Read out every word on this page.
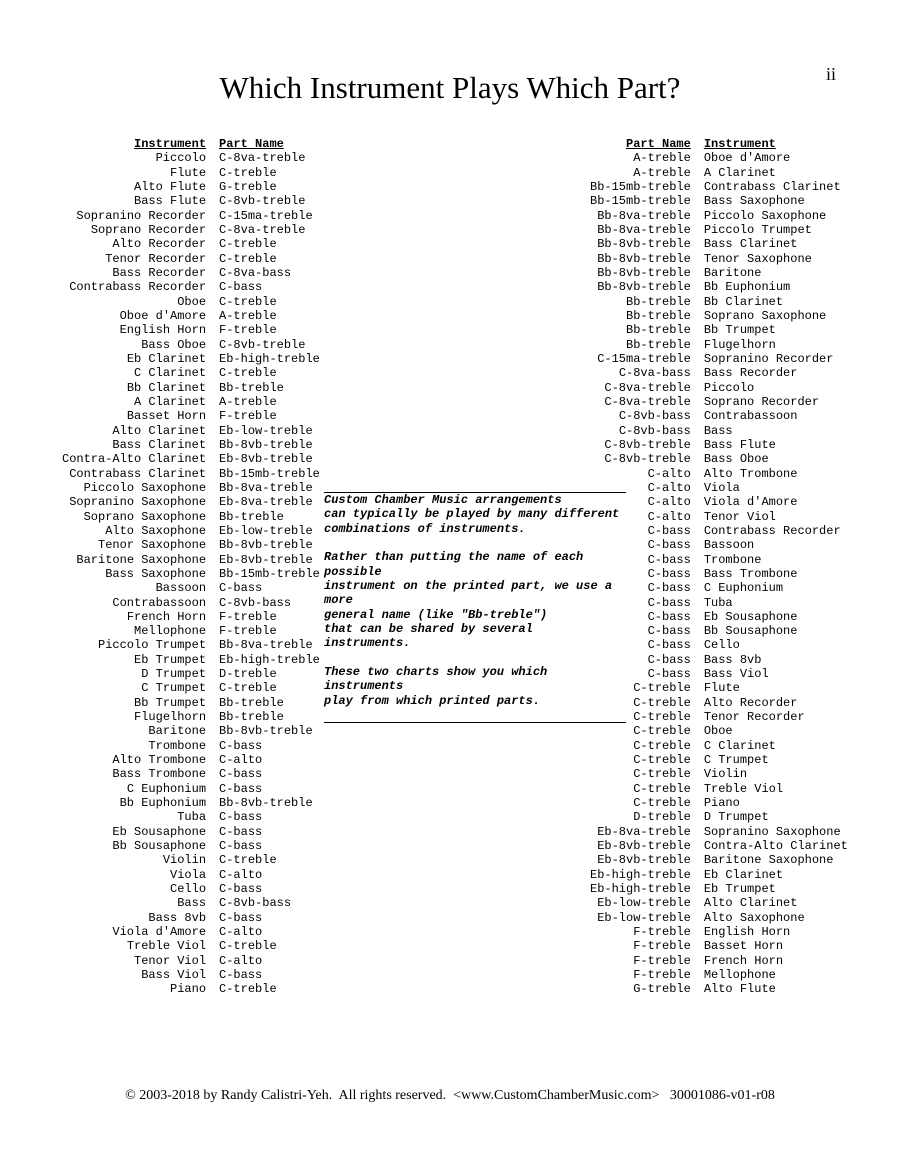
ii
Which Instrument Plays Which Part?
Instrument	Part Name
Piccolo	C-8va-treble
Flute	C-treble
Alto Flute	G-treble
Bass Flute	C-8vb-treble
Sopranino Recorder	C-15ma-treble
Soprano Recorder	C-8va-treble
Alto Recorder	C-treble
Tenor Recorder	C-treble
Bass Recorder	C-8va-bass
Contrabass Recorder	C-bass
Oboe	C-treble
Oboe d'Amore	A-treble
English Horn	F-treble
Bass Oboe	C-8vb-treble
Eb Clarinet	Eb-high-treble
C Clarinet	C-treble
Bb Clarinet	Bb-treble
A Clarinet	A-treble
Basset Horn	F-treble
Alto Clarinet	Eb-low-treble
Bass Clarinet	Bb-8vb-treble
Contra-Alto Clarinet	Eb-8vb-treble
Contrabass Clarinet	Bb-15mb-treble
Piccolo Saxophone	Bb-8va-treble
Sopranino Saxophone	Eb-8va-treble
Soprano Saxophone	Bb-treble
Alto Saxophone	Eb-low-treble
Tenor Saxophone	Bb-8vb-treble
Baritone Saxophone	Eb-8vb-treble
Bass Saxophone	Bb-15mb-treble
Bassoon	C-bass
Contrabassoon	C-8vb-bass
French Horn	F-treble
Mellophone	F-treble
Piccolo Trumpet	Bb-8va-treble
Eb Trumpet	Eb-high-treble
D Trumpet	D-treble
C Trumpet	C-treble
Bb Trumpet	Bb-treble
Flugelhorn	Bb-treble
Baritone	Bb-8vb-treble
Trombone	C-bass
Alto Trombone	C-alto
Bass Trombone	C-bass
C Euphonium	C-bass
Bb Euphonium	Bb-8vb-treble
Tuba	C-bass
Eb Sousaphone	C-bass
Bb Sousaphone	C-bass
Violin	C-treble
Viola	C-alto
Cello	C-bass
Bass	C-8vb-bass
Bass 8vb	C-bass
Viola d'Amore	C-alto
Treble Viol	C-treble
Tenor Viol	C-alto
Bass Viol	C-bass
Piano	C-treble
Part Name	Instrument
A-treble	Oboe d'Amore
A-treble	A Clarinet
Bb-15mb-treble	Contrabass Clarinet
Bb-15mb-treble	Bass Saxophone
Bb-8va-treble	Piccolo Saxophone
Bb-8va-treble	Piccolo Trumpet
Bb-8vb-treble	Bass Clarinet
Bb-8vb-treble	Tenor Saxophone
Bb-8vb-treble	Baritone
Bb-8vb-treble	Bb Euphonium
Bb-treble	Bb Clarinet
Bb-treble	Soprano Saxophone
Bb-treble	Bb Trumpet
Bb-treble	Flugelhorn
C-15ma-treble	Sopranino Recorder
C-8va-bass	Bass Recorder
C-8va-treble	Piccolo
C-8va-treble	Soprano Recorder
C-8vb-bass	Contrabassoon
C-8vb-bass	Bass
C-8vb-treble	Bass Flute
C-8vb-treble	Bass Oboe
C-alto	Alto Trombone
C-alto	Viola
C-alto	Viola d'Amore
C-alto	Tenor Viol
C-bass	Contrabass Recorder
C-bass	Bassoon
C-bass	Trombone
C-bass	Bass Trombone
C-bass	C Euphonium
C-bass	Tuba
C-bass	Eb Sousaphone
C-bass	Bb Sousaphone
C-bass	Cello
C-bass	Bass 8vb
C-bass	Bass Viol
C-treble	Flute
C-treble	Alto Recorder
C-treble	Tenor Recorder
C-treble	Oboe
C-treble	C Clarinet
C-treble	C Trumpet
C-treble	Violin
C-treble	Treble Viol
C-treble	Piano
D-treble	D Trumpet
Eb-8va-treble	Sopranino Saxophone
Eb-8vb-treble	Contra-Alto Clarinet
Eb-8vb-treble	Baritone Saxophone
Eb-high-treble	Eb Clarinet
Eb-high-treble	Eb Trumpet
Eb-low-treble	Alto Clarinet
Eb-low-treble	Alto Saxophone
F-treble	English Horn
F-treble	Basset Horn
F-treble	French Horn
F-treble	Mellophone
G-treble	Alto Flute

Custom Chamber Music arrangements
can typically be played by many different
combinations of instruments.

Rather than putting the name of each possible
instrument on the printed part, we use a more
general name (like "Bb-treble")
that can be shared by several instruments.

These two charts show you which instruments
play from which printed parts.

© 2003-2018 by Randy Calistri-Yeh.  All rights reserved.  <www.CustomChamberMusic.com>   30001086-v01-r08
